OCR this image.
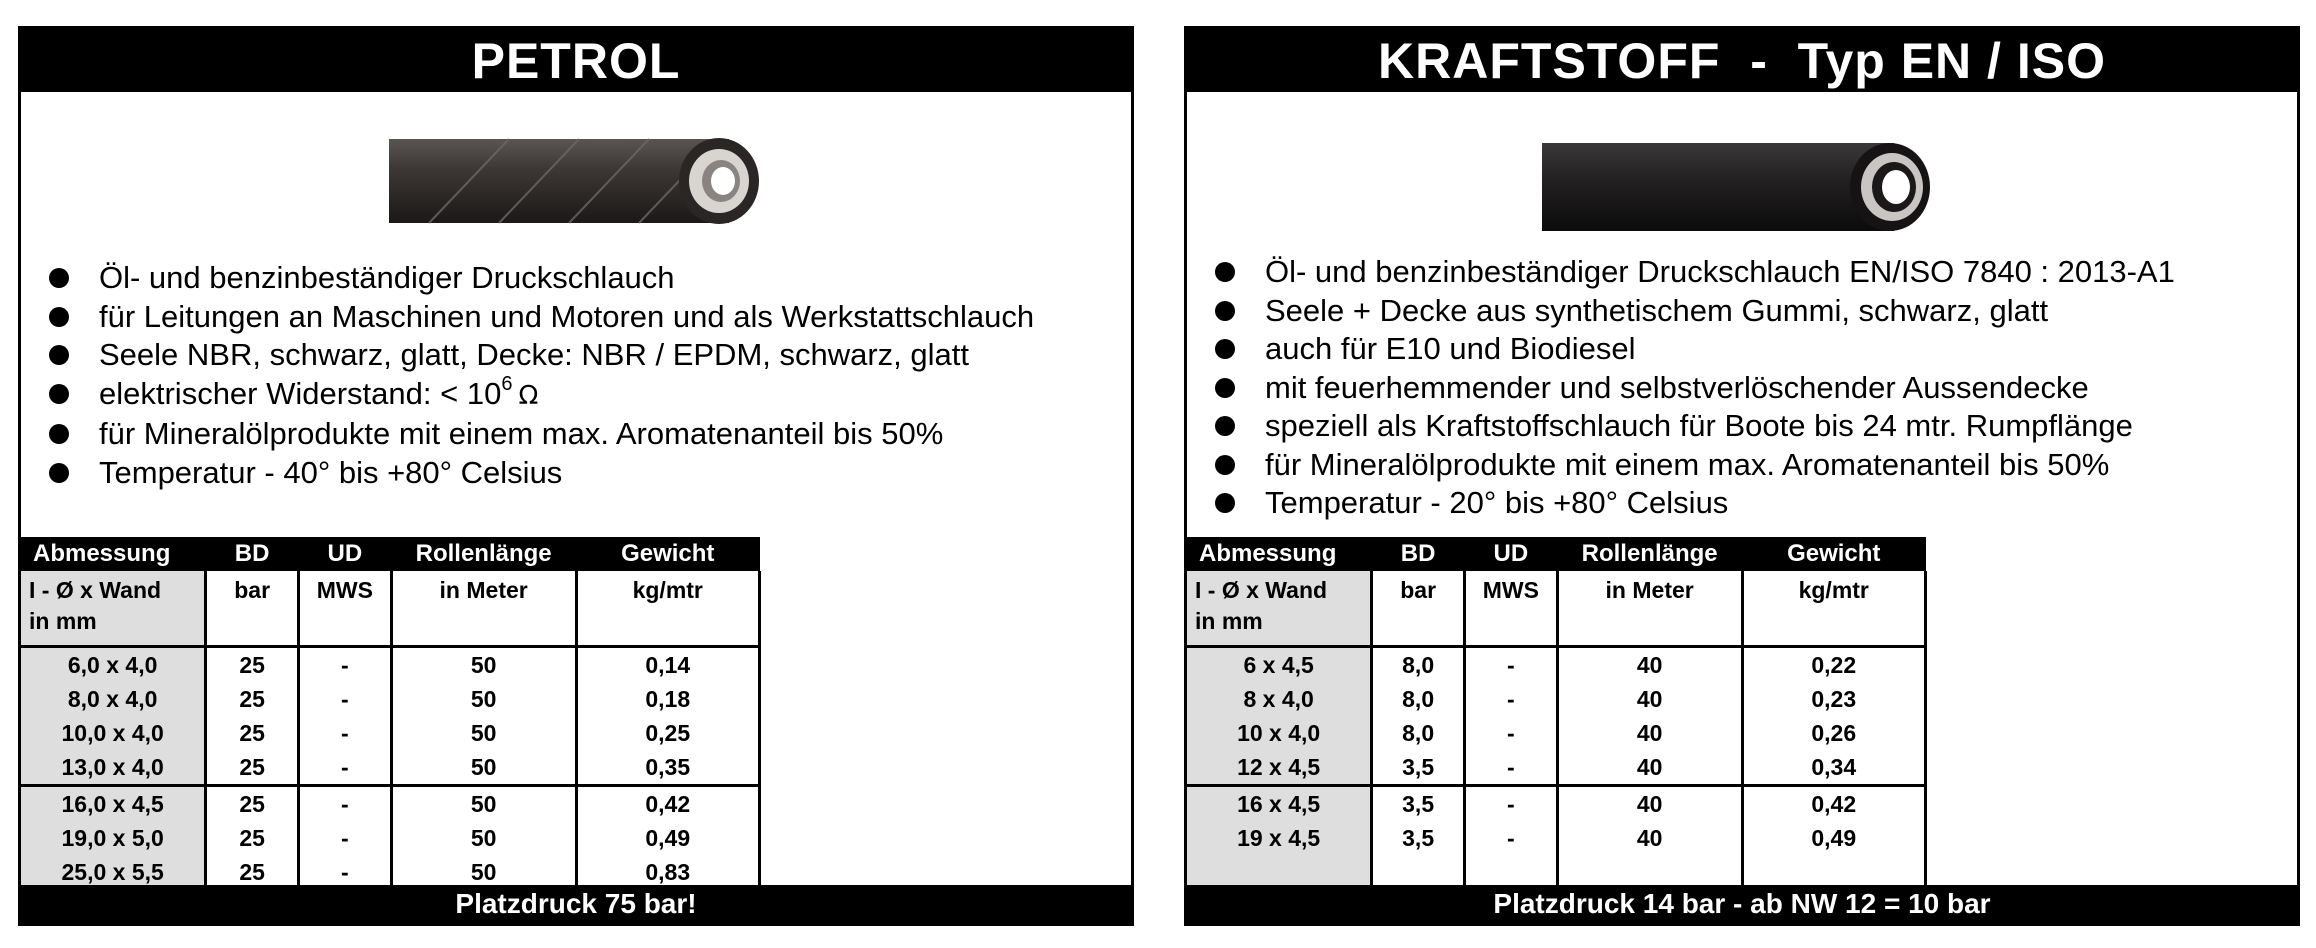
PETROL
Öl- und benzinbeständiger Druckschlauch
für Leitungen an Maschinen und Motoren und als Werkstattschlauch
Seele NBR, schwarz, glatt, Decke: NBR / EPDM, schwarz, glatt
elektrischer Widerstand: < $10^6$ Ω
für Mineralölprodukte mit einem max. Aromatenanteil bis 50%
Temperatur - 40° bis +80° Celsius
Abmessung	BD	UD	Rollenlänge	Gewicht
I - Ø x Wand
in mm	bar	MWS	in Meter	kg/mtr
6,0 x 4,0	25	-	50	0,14
8,0 x 4,0	25	-	50	0,18
10,0 x 4,0	25	-	50	0,25
13,0 x 4,0	25	-	50	0,35
16,0 x 4,5	25	-	50	0,42
19,0 x 5,0	25	-	50	0,49
25,0 x 5,5	25	-	50	0,83
Platzdruck 75 bar!
KRAFTSTOFF  -  Typ EN / ISO
Öl- und benzinbeständiger Druckschlauch EN/ISO 7840 : 2013-A1
Seele + Decke aus synthetischem Gummi, schwarz, glatt
auch für E10 und Biodiesel
mit feuerhemmender und selbstverlöschender Aussendecke
speziell als Kraftstoffschlauch für Boote bis 24 mtr. Rumpflänge
für Mineralölprodukte mit einem max. Aromatenanteil bis 50%
Temperatur - 20° bis +80° Celsius
Abmessung	BD	UD	Rollenlänge	Gewicht
I - Ø x Wand
in mm	bar	MWS	in Meter	kg/mtr
6 x 4,5	8,0	-	40	0,22
8 x 4,0	8,0	-	40	0,23
10 x 4,0	8,0	-	40	0,26
12 x 4,5	3,5	-	40	0,34
16 x 4,5	3,5	-	40	0,42
19 x 4,5	3,5	-	40	0,49

Platzdruck 14 bar - ab NW 12 = 10 bar
